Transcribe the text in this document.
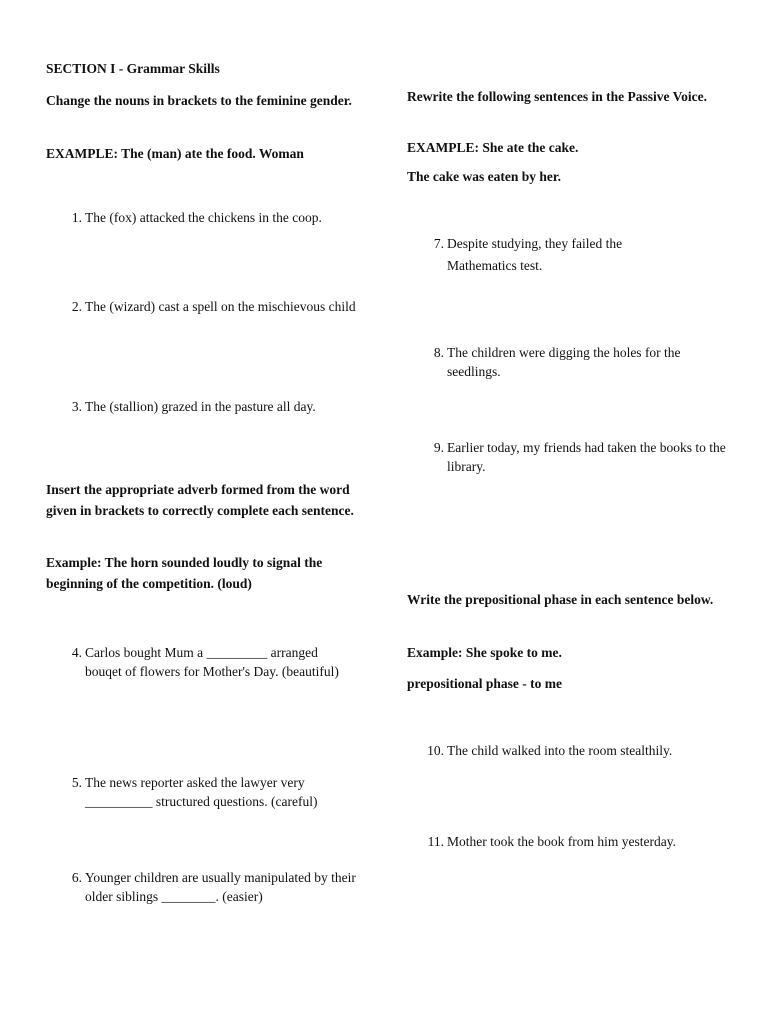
SECTION I - Grammar Skills

Change the nouns in brackets to the feminine gender.

EXAMPLE: The (man) ate the food. Woman

1. The (fox) attacked the chickens in the coop.
2. The (wizard) cast a spell on the mischievous child
3. The (stallion) grazed in the pasture all day.

Insert the appropriate adverb formed from the word given in brackets to correctly complete each sentence.

Example: The horn sounded loudly to signal the beginning of the competition. (loud)

4. Carlos bought Mum a _________ arranged bouqet of flowers for Mother's Day. (beautiful)
5. The news reporter asked the lawyer very __________ structured questions. (careful)
6. Younger children are usually manipulated by their older siblings ________. (easier)

Rewrite the following sentences in the Passive Voice.

EXAMPLE: She ate the cake.

The cake was eaten by her.

7. Despite studying, they failed the Mathematics test.
8. The children were digging the holes for the seedlings.
9. Earlier today, my friends had taken the books to the library.

Write the prepositional phase in each sentence below.

Example: She spoke to me.

prepositional phase - to me

10. The child walked into the room stealthily.
11. Mother took the book from him yesterday.
